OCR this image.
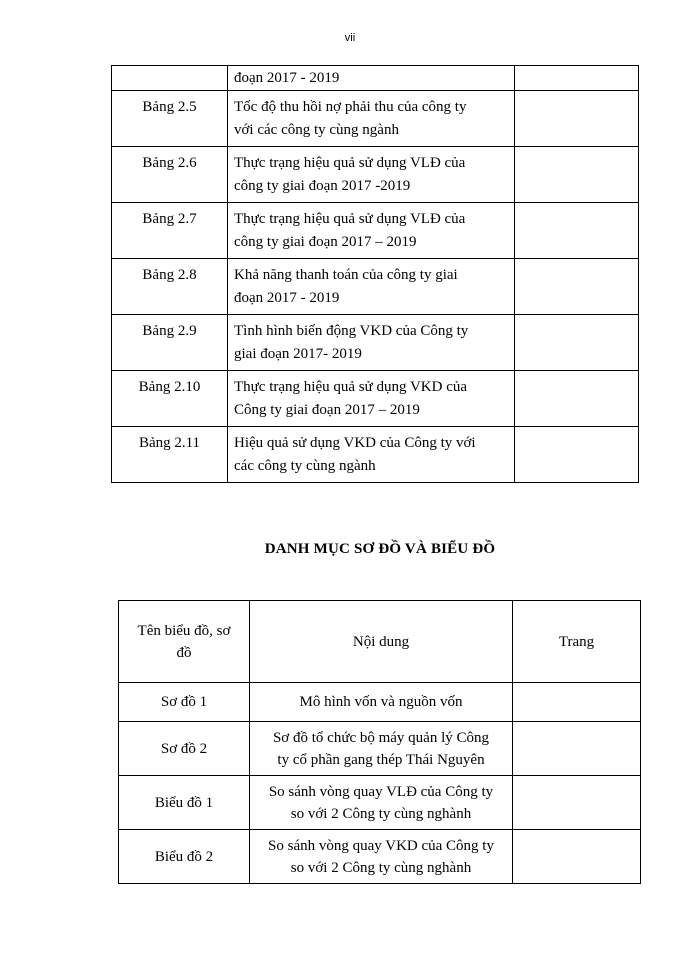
vii
	đoạn 2017 - 2019	
Bảng 2.5	Tốc độ thu hồi nợ phải thu của công ty
với các công ty cùng ngành	
Bảng 2.6	Thực trạng hiệu quả sử dụng VLĐ của
công ty giai đoạn 2017 -2019	
Bảng 2.7	Thực trạng hiệu quả sử dụng VLĐ của
công ty giai đoạn 2017 – 2019	
Bảng 2.8	Khả năng thanh toán của công ty giai
đoạn 2017 - 2019	
Bảng 2.9	Tình hình biến động VKD của Công ty
giai đoạn 2017- 2019	
Bảng 2.10	Thực trạng hiệu quả sử dụng VKD của
Công ty giai đoạn 2017 – 2019	
Bảng 2.11	Hiệu quả sử dụng VKD của Công ty với
các công ty cùng ngành	
DANH MỤC SƠ ĐỒ VÀ BIỂU ĐỒ
Tên biểu đồ, sơ
đồ	Nội dung	Trang
Sơ đồ 1	Mô hình vốn và nguồn vốn	
Sơ đồ 2	Sơ đồ tổ chức bộ máy quản lý Công
ty cổ phần gang thép Thái Nguyên	
Biểu đồ 1	So sánh vòng quay VLĐ của Công ty
so với 2 Công ty cùng nghành	
Biểu đồ 2	So sánh vòng quay VKD của Công ty
so với 2 Công ty cùng nghành	
